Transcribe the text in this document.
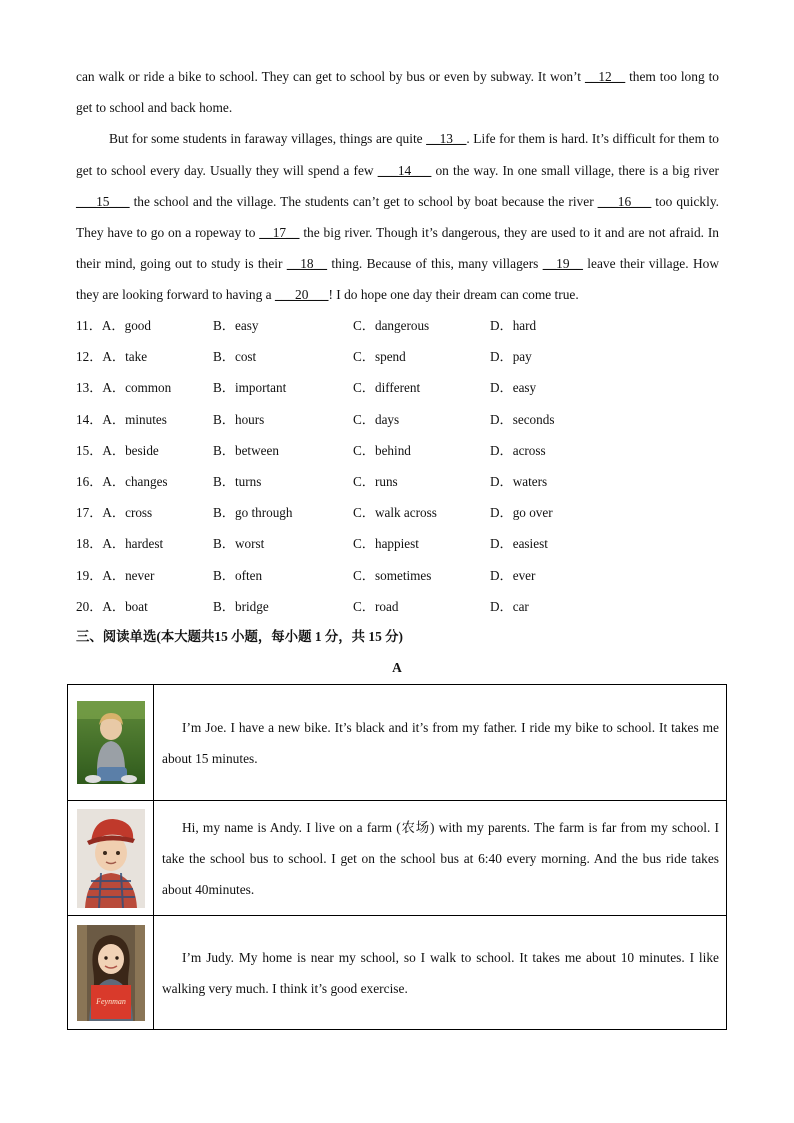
can walk or ride a bike to school. They can get to school by bus or even by subway. It won’t __12__ them too long to get to school and back home.

But for some students in faraway villages, things are quite __13__. Life for them is hard. It’s difficult for them to get to school every day. Usually they will spend a few ___14___ on the way. In one small village, there is a big river ___15___ the school and the village. The students can’t get to school by boat because the river ___16___ too quickly. They have to go on a ropeway to __17__ the big river. Though it’s dangerous, they are used to it and are not afraid. In their mind, going out to study is their __18__ thing. Because of this, many villagers __19__ leave their village. How they are looking forward to having a ___20___! I do hope one day their dream can come true.

11．A．good	B．easy	C．dangerous	D．hard
12．A．take	B．cost	C．spend	D．pay
13．A．common	B．important	C．different	D．easy
14．A．minutes	B．hours	C．days	D．seconds
15．A．beside	B．between	C．behind	D．across
16．A．changes	B．turns	C．runs	D．waters
17．A．cross	B．go through	C．walk across	D．go over
18．A．hardest	B．worst	C．happiest	D．easiest
19．A．never	B．often	C．sometimes	D．ever
20．A．boat	B．bridge	C．road	D．car
三、阅读单选(本大题共15 小题，每小题 1 分，共 15 分)
A

I’m Joe. I have a new bike. It’s black and it’s from my father. I ride my bike to school. It takes me about 15 minutes.

Hi, my name is Andy. I live on a farm (农场) with my parents. The farm is far from my school. I take the school bus to school. I get on the school bus at 6:40 every morning. And the bus ride takes about 40minutes.

Feynman	I’m Judy. My home is near my school, so I walk to school. It takes me about 10 minutes. I like walking very much. I think it’s good exercise.
